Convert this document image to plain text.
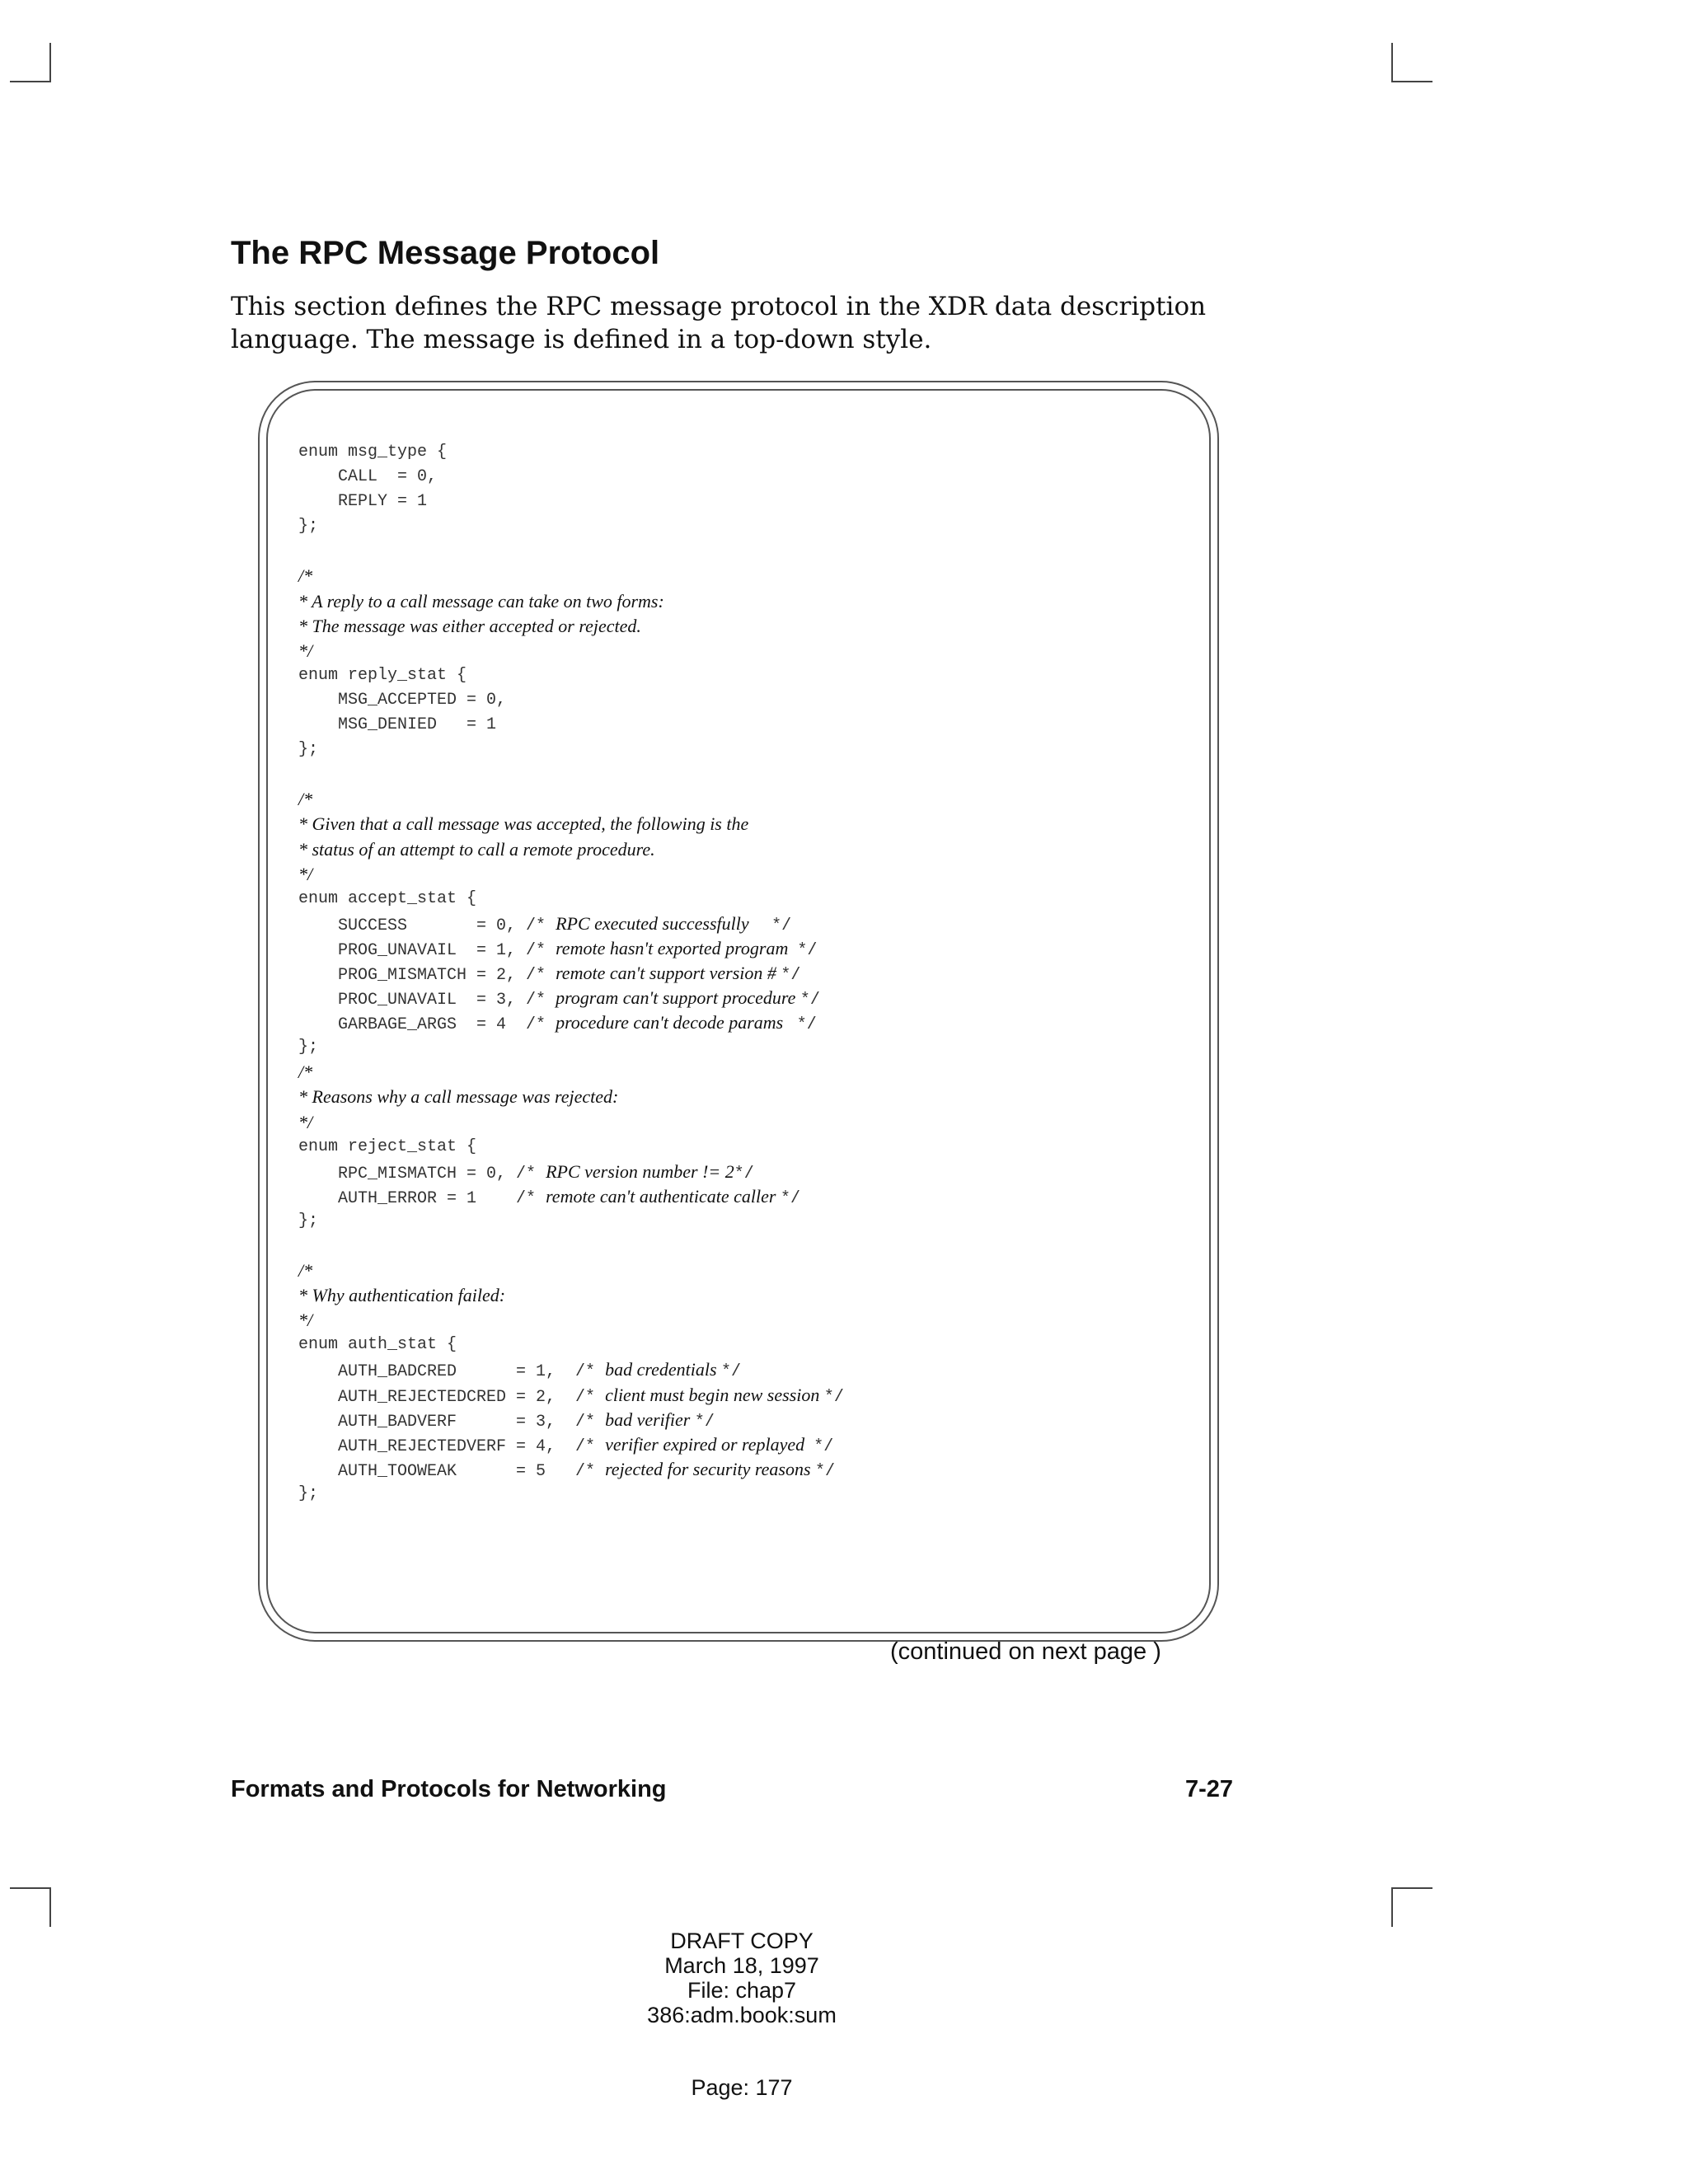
The RPC Message Protocol

This section defines the RPC message protocol in the XDR data description
language. The message is defined in a top-down style.

enum msg_type {
CALL  = 0,
REPLY = 1
};
/*
* A reply to a call message can take on two forms:
* The message was either accepted or rejected.
*/
enum reply_stat {
MSG_ACCEPTED = 0,
MSG_DENIED   = 1
};
/*
* Given that a call message was accepted, the following is the
* status of an attempt to call a remote procedure.
*/
enum accept_stat {
SUCCESS       = 0, /* RPC executed successfully     */
PROG_UNAVAIL  = 1, /* remote hasn't exported program  */
PROG_MISMATCH = 2, /* remote can't support version # */
PROC_UNAVAIL  = 3, /* program can't support procedure */
GARBAGE_ARGS  = 4  /* procedure can't decode params   */
};
/*
* Reasons why a call message was rejected:
*/
enum reject_stat {
RPC_MISMATCH = 0, /* RPC version number != 2*/
AUTH_ERROR = 1    /* remote can't authenticate caller */
};
/*
* Why authentication failed:
*/
enum auth_stat {
AUTH_BADCRED      = 1,  /* bad credentials */
AUTH_REJECTEDCRED = 2,  /* client must begin new session */
AUTH_BADVERF      = 3,  /* bad verifier */
AUTH_REJECTEDVERF = 4,  /* verifier expired or replayed  */
AUTH_TOOWEAK      = 5   /* rejected for security reasons */
};
(continued on next page )
Formats and Protocols for Networking	7-27
DRAFT COPY
March 18, 1997
File: chap7
386:adm.book:sum
Page: 177
